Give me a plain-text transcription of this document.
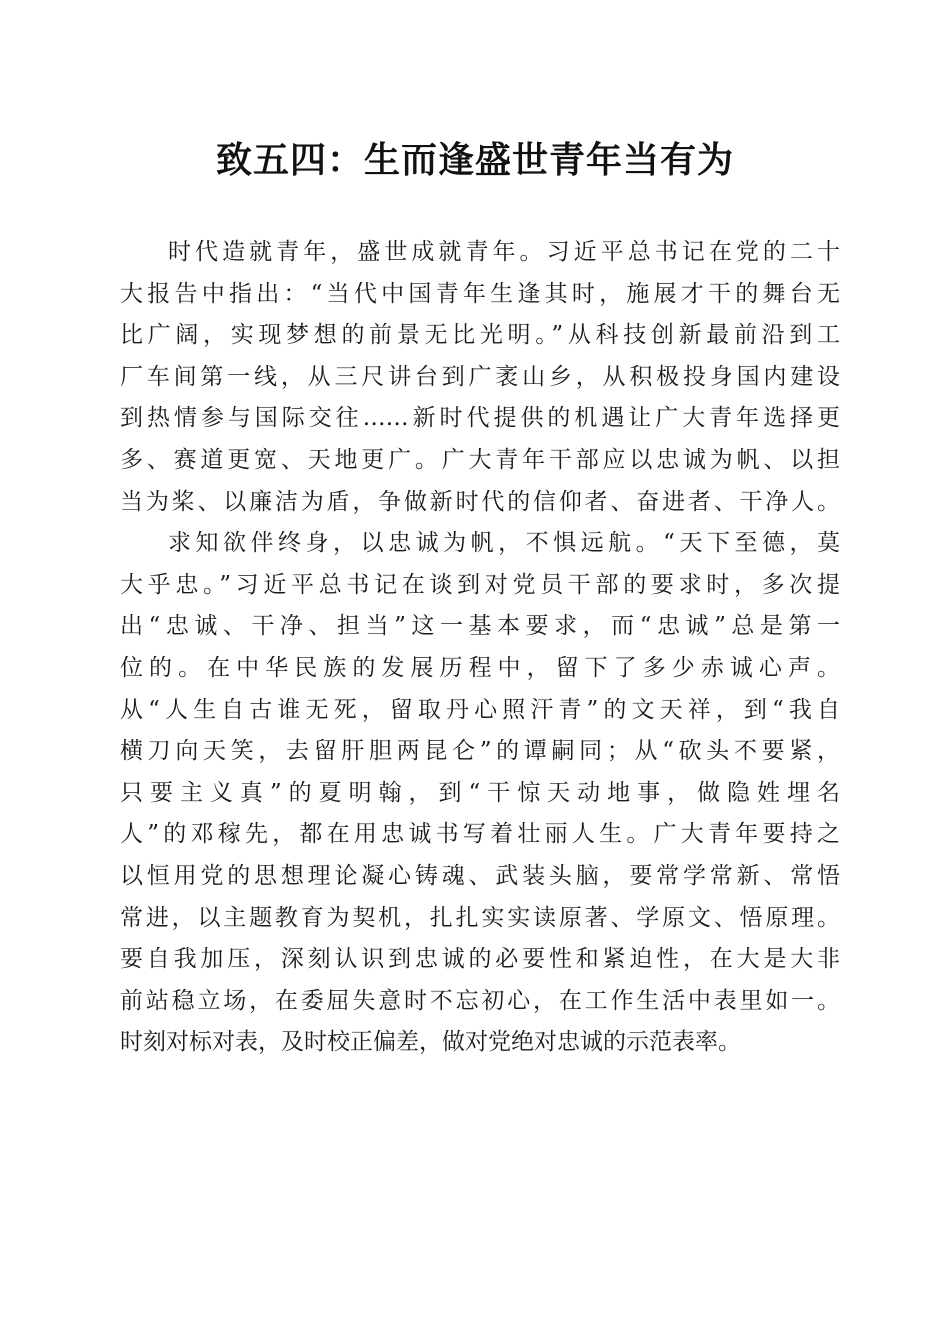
致五四：生而逢盛世青年当有为
时代造就青年，盛世成就青年。习近平总书记在党的二十
大报告中指出：“当代中国青年生逢其时，施展才干的舞台无
比广阔，实现梦想的前景无比光明。”从科技创新最前沿到工
厂车间第一线，从三尺讲台到广袤山乡，从积极投身国内建设
到热情参与国际交往……新时代提供的机遇让广大青年选择更
多、赛道更宽、天地更广。广大青年干部应以忠诚为帆、以担
当为桨、以廉洁为盾，争做新时代的信仰者、奋进者、干净人。
求知欲伴终身，以忠诚为帆，不惧远航。“天下至德，莫
大乎忠。”习近平总书记在谈到对党员干部的要求时，多次提
出“忠诚、干净、担当”这一基本要求，而“忠诚”总是第一
位的。在中华民族的发展历程中，留下了多少赤诚心声。
从“人生自古谁无死，留取丹心照汗青”的文天祥，到“我自
横刀向天笑，去留肝胆两昆仑”的谭嗣同；从“砍头不要紧，
只要主义真”的夏明翰，到“干惊天动地事，做隐姓埋名
人”的邓稼先，都在用忠诚书写着壮丽人生。广大青年要持之
以恒用党的思想理论凝心铸魂、武装头脑，要常学常新、常悟
常进，以主题教育为契机，扎扎实实读原著、学原文、悟原理。
要自我加压，深刻认识到忠诚的必要性和紧迫性，在大是大非
前站稳立场，在委屈失意时不忘初心，在工作生活中表里如一。
时刻对标对表，及时校正偏差，做对党绝对忠诚的示范表率。
